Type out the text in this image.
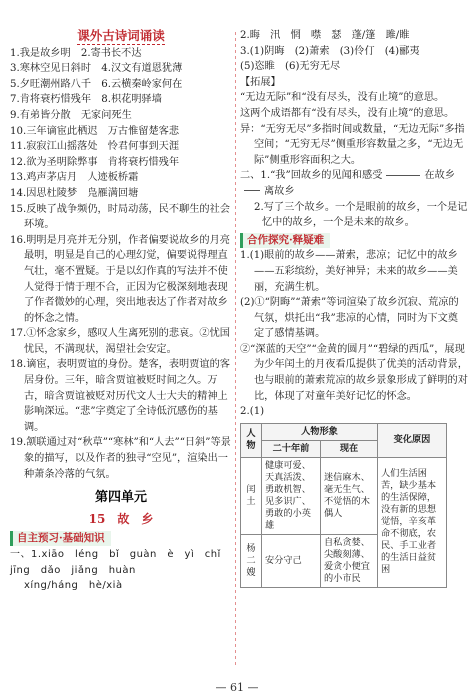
课外古诗词诵读

1.我是故乡明　2.寄书长不达

3.寒林空见日斜时　4.汉文有道恩犹薄

5.夕旺潮州路八千　6.云横秦岭家何在

7.肯将衰朽惜残年　8.枳花明驿墙

9.有弟皆分散　无家问死生

10.三年谪宦此栖迟　万古惟留楚客悲

11.寂寂江山摇落处　怜君何事到天涯

12.欲为圣明除弊事　肯将衰朽惜残年

13.鸡声茅店月　人迹板桥霜

14.因思杜陵梦　凫雁满回塘

15.反映了战争频仍，时局动荡，民不聊生的社会环境。

16.明明是月亮并无分别，作者偏要说故乡的月亮最明，明显是自己的心理幻觉，偏要说得理直气壮，毫不置疑。于是以幻作真的写法并不使人觉得于情于理不合，正因为它极深刻地表现了作者微妙的心理，突出地表达了作者对故乡的怀念之情。

17.①怀念家乡，感叹人生离死别的悲哀。②忧国忧民，不满现状，渴望社会安定。

18.谪宦，表明贾谊的身份。楚客，表明贾谊的客居身份。三年，暗含贾谊被贬时间之久。万古，暗含贾谊被贬对历代文人士大夫的精神上影响深远。“悲”字奠定了全诗低沉感伤的基调。

19.颔联通过对“秋草”“寒林”和“人去”“日斜”等景象的描写，以及作者的独寻“空见”，渲染出一种萧条冷落的气氛。

第四单元
15　故　乡
自主预习·基础知识

一、1.xiāo　léng　bǐ　guàn　è　yì　chǐ　jīng　dǎo　jiǎng　huàn

xíng/háng　hè/xià

2.晦　汛　惘　噤　瑟　蓬/篷　雎/睢

3.(1)阴晦　(2)萧索　(3)伶仃　(4)郦夷

(5)恣睢　(6)无穷无尽

【拓展】

“无边无际”和“没有尽头，没有止境”的意思。

这两个成语都有“没有尽头，没有止境”的意思。

异：“无穷无尽”多指时间或数量，“无边无际”多指空间；“无穷无尽”侧重形容数量之多，“无边无际”侧重形容面积之大。

二、1.“我”回故乡的见闻和感受	在故乡离故乡

2.写了三个故乡。一个是眼前的故乡，一个是记忆中的故乡，一个是未来的故乡。

合作探究·释疑难

1.(1)眼前的故乡——萧索，悲凉；记忆中的故乡——五彩缤纷，美好神异；未来的故乡——美丽，充满生机。

(2)①“阴晦”“萧索”等词渲染了故乡沉寂、荒凉的气氛，烘托出“我”悲凉的心情，同时为下文奠定了感情基调。

②“深蓝的天空”“金黄的圆月”“碧绿的西瓜”，展现为少年闰土的月夜看瓜提供了优美的活动背景，也与眼前的萧索荒凉的故乡景象形成了鲜明的对比，体现了对童年美好记忆的怀念。

2.(1)

人物	人物形象		变化原因
	二十年前	现在	
闰土	健康可爱、天真活泼、勇敢机智、见多识广、勇敢的小英雄	迷信麻木、毫无生气、不觉悟的木偶人	人们生活困苦，缺少基本的生活保障，没有新的思想觉悟，辛亥革命不彻底，农民、手工业者的生活日益贫困
杨二嫂	安分守己	自私贪婪、尖酸刻薄、爱贪小便宜的小市民	
— 61 —
